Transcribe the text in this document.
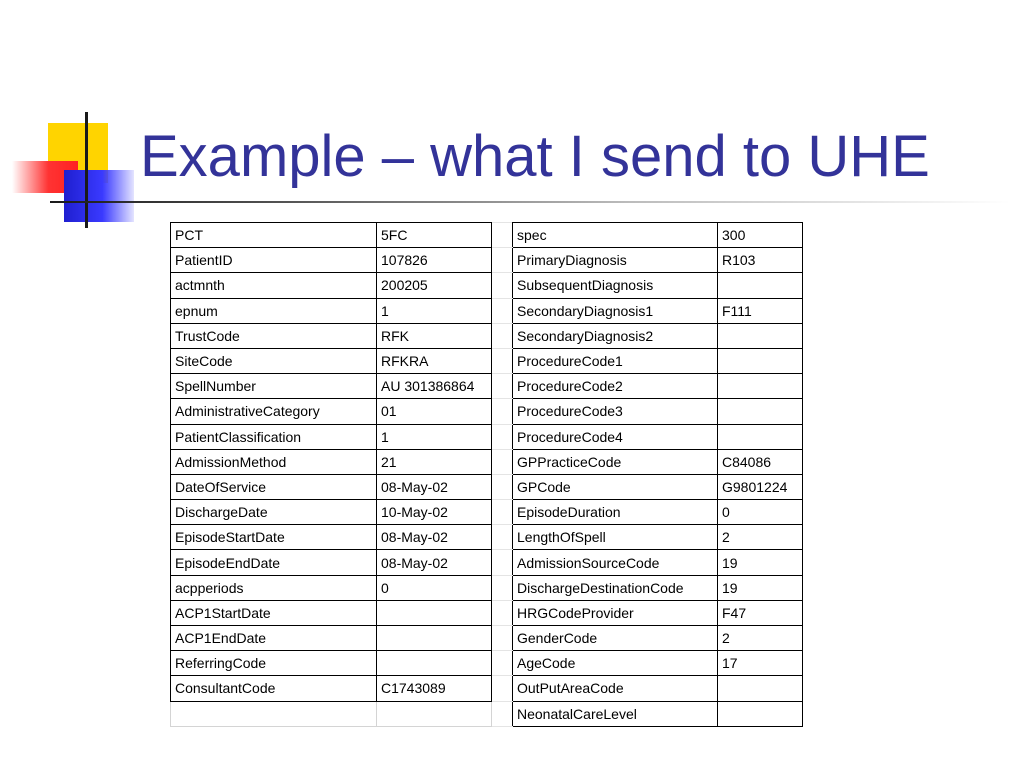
Example – what I send to UHE
PCT	5FC		spec	300
PatientID	107826		PrimaryDiagnosis	R103
actmnth	200205		SubsequentDiagnosis	
epnum	1		SecondaryDiagnosis1	F111
TrustCode	RFK		SecondaryDiagnosis2	
SiteCode	RFKRA		ProcedureCode1	
SpellNumber	AU 301386864		ProcedureCode2	
AdministrativeCategory	01		ProcedureCode3	
PatientClassification	1		ProcedureCode4	
AdmissionMethod	21		GPPracticeCode	C84086
DateOfService	08-May-02		GPCode	G9801224
DischargeDate	10-May-02		EpisodeDuration	0
EpisodeStartDate	08-May-02		LengthOfSpell	2
EpisodeEndDate	08-May-02		AdmissionSourceCode	19
acpperiods	0		DischargeDestinationCode	19
ACP1StartDate			HRGCodeProvider	F47
ACP1EndDate			GenderCode	2
ReferringCode			AgeCode	17
ConsultantCode	C1743089		OutPutAreaCode	
			NeonatalCareLevel	
